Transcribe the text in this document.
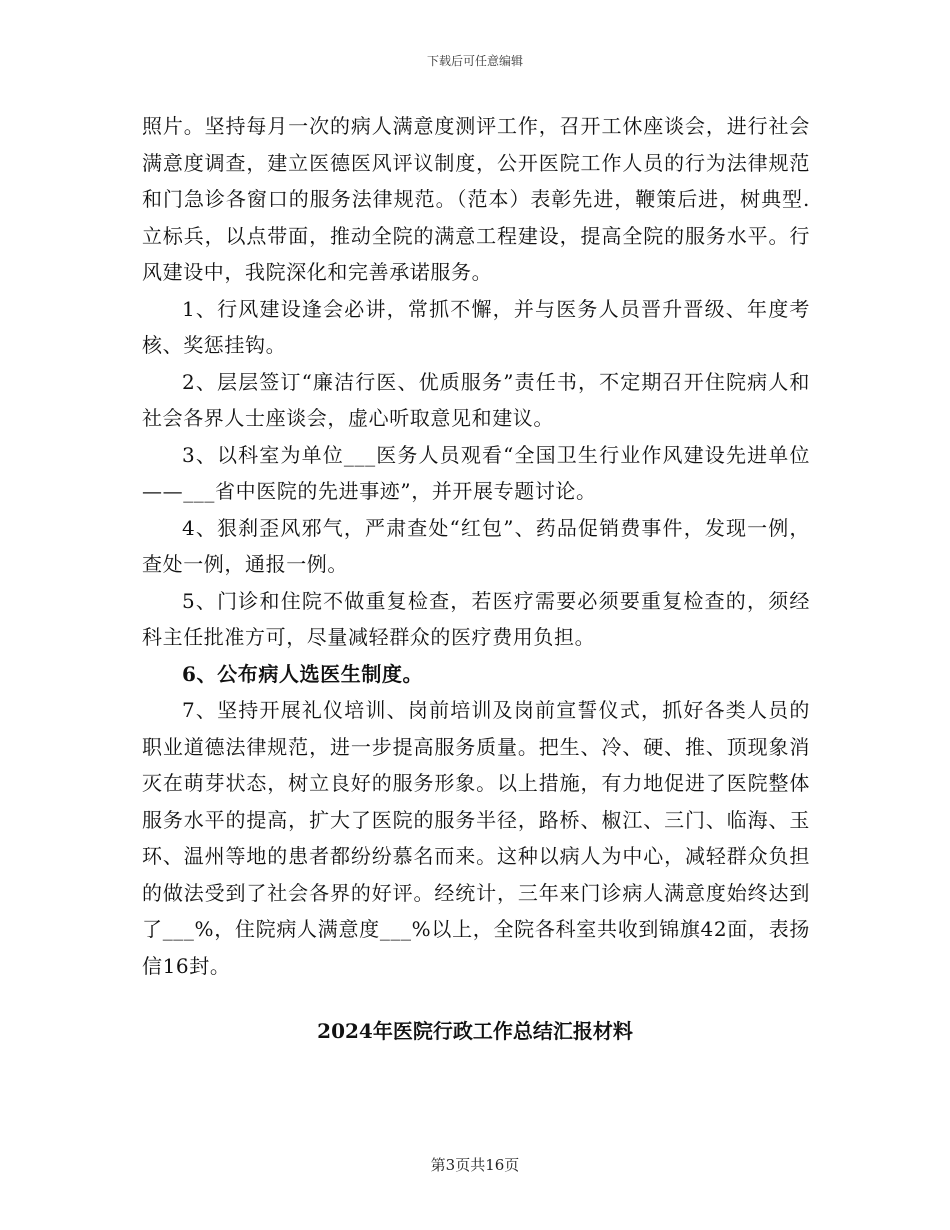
下载后可任意编辑

照片。坚持每月一次的病人满意度测评工作，召开工休座谈会，进行社会满意度调查，建立医德医风评议制度，公开医院工作人员的行为法律规范和门急诊各窗口的服务法律规范。（范本）表彰先进，鞭策后进，树典型.立标兵，以点带面，推动全院的满意工程建设，提高全院的服务水平。行风建设中，我院深化和完善承诺服务。

1、行风建设逢会必讲，常抓不懈，并与医务人员晋升晋级、年度考核、奖惩挂钩。

2、层层签订“廉洁行医、优质服务”责任书，不定期召开住院病人和社会各界人士座谈会，虚心听取意见和建议。

3、以科室为单位___医务人员观看“全国卫生行业作风建设先进单位——___省中医院的先进事迹”，并开展专题讨论。

4、狠刹歪风邪气，严肃查处“红包”、药品促销费事件，发现一例，查处一例，通报一例。

5、门诊和住院不做重复检查，若医疗需要必须要重复检查的，须经科主任批准方可，尽量减轻群众的医疗费用负担。

6、公布病人选医生制度。

7、坚持开展礼仪培训、岗前培训及岗前宣誓仪式，抓好各类人员的职业道德法律规范，进一步提高服务质量。把生、冷、硬、推、顶现象消灭在萌芽状态，树立良好的服务形象。以上措施，有力地促进了医院整体服务水平的提高，扩大了医院的服务半径，路桥、椒江、三门、临海、玉环、温州等地的患者都纷纷慕名而来。这种以病人为中心，减轻群众负担的做法受到了社会各界的好评。经统计，三年来门诊病人满意度始终达到了___%，住院病人满意度___%以上，全院各科室共收到锦旗42面，表扬信16封。

2024年医院行政工作总结汇报材料
第3页共16页
